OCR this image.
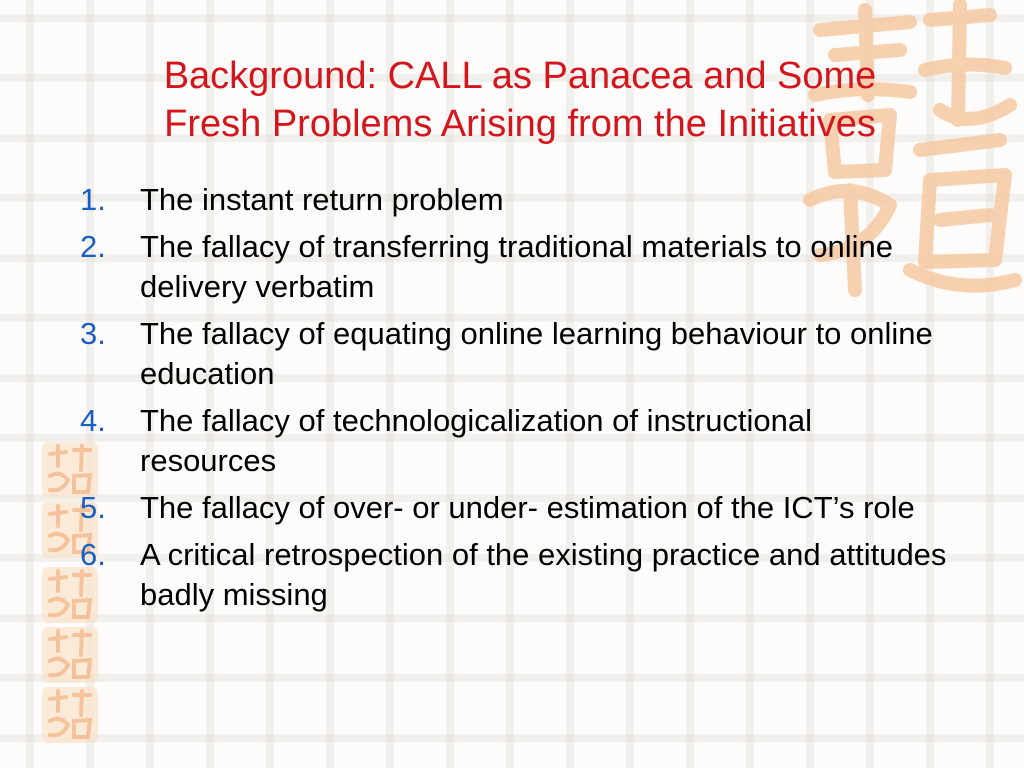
Background: CALL as Panacea and Some
Fresh Problems Arising from the Initiatives
1.	The instant return problem
2.	The fallacy of transferring traditional materials to online delivery verbatim
3.	The fallacy of equating online learning behaviour to online education
4.	The fallacy of technologicalization of instructional resources
5.	The fallacy of over- or under- estimation of the ICT’s role
6.	A critical retrospection of the existing practice and attitudes badly missing
